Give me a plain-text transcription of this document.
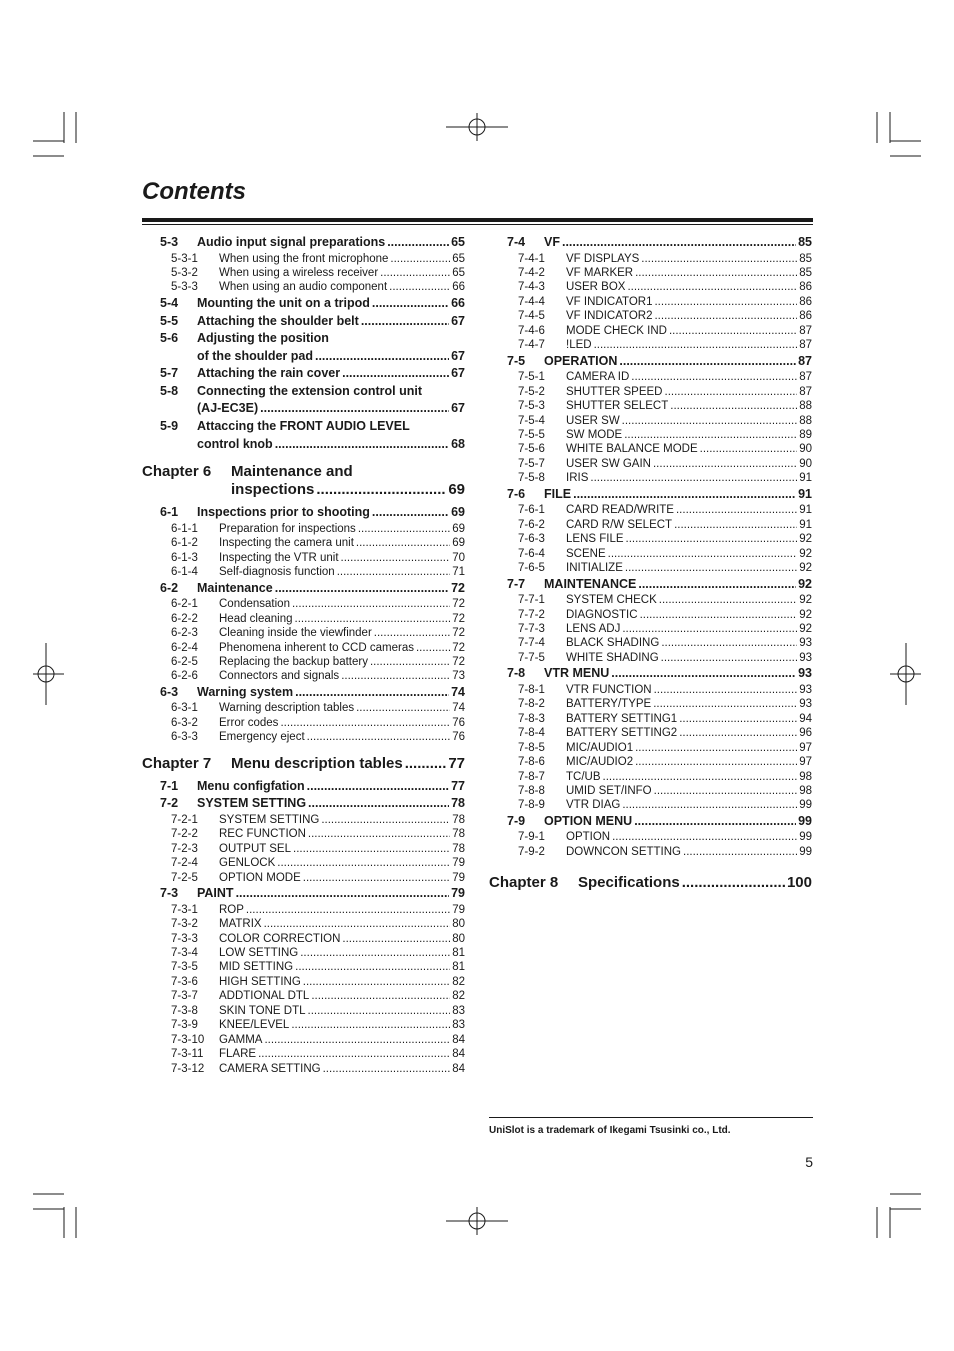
Contents
5-3	Audio input signal preparations .....	65
5-3-1	When using the front microphone .....	65
5-3-2	When using a wireless receiver .....	65
5-3-3	When using an audio component .....	66
5-4	Mounting the unit on a tripod .....	66
5-5	Attaching the shoulder belt .....	67
5-6	Adjusting the position
of the shoulder pad .....	67
5-7	Attaching the rain cover .....	67
5-8	Connecting the extension control unit
(AJ-EC3E) .....	67
5-9	Attaccing the FRONT AUDIO LEVEL
control knob .....	68
Chapter 6	Maintenance and
inspections .....	69
6-1	Inspections prior to shooting .....	69
6-1-1	Preparation for inspections .....	69
6-1-2	Inspecting the camera unit .....	69
6-1-3	Inspecting the VTR unit .....	70
6-1-4	Self-diagnosis function .....	71
6-2	Maintenance .....	72
6-2-1	Condensation .....	72
6-2-2	Head cleaning .....	72
6-2-3	Cleaning inside the viewfinder .....	72
6-2-4	Phenomena inherent to CCD cameras .....	72
6-2-5	Replacing the backup battery .....	72
6-2-6	Connectors and signals .....	73
6-3	Warning system .....	74
6-3-1	Warning description tables .....	74
6-3-2	Error codes .....	76
6-3-3	Emergency eject .....	76
Chapter 7	Menu description tables .....	77
7-1	Menu configfation .....	77
7-2	SYSTEM SETTING .....	78
7-2-1	SYSTEM SETTING .....	78
7-2-2	REC FUNCTION .....	78
7-2-3	OUTPUT SEL .....	78
7-2-4	GENLOCK .....	79
7-2-5	OPTION MODE .....	79
7-3	PAINT .....	79
7-3-1	ROP .....	79
7-3-2	MATRIX .....	80
7-3-3	COLOR CORRECTION .....	80
7-3-4	LOW SETTING .....	81
7-3-5	MID SETTING .....	81
7-3-6	HIGH SETTING .....	82
7-3-7	ADDTIONAL DTL .....	82
7-3-8	SKIN TONE DTL .....	83
7-3-9	KNEE/LEVEL .....	83
7-3-10	GAMMA .....	84
7-3-11	FLARE .....	84
7-3-12	CAMERA SETTING .....	84
7-4	VF .....	85
7-4-1	VF DISPLAYS .....	85
7-4-2	VF MARKER .....	85
7-4-3	USER BOX .....	86
7-4-4	VF INDICATOR1 .....	86
7-4-5	VF INDICATOR2 .....	86
7-4-6	MODE CHECK IND .....	87
7-4-7	!LED .....	87
7-5	OPERATION .....	87
7-5-1	CAMERA ID .....	87
7-5-2	SHUTTER SPEED .....	87
7-5-3	SHUTTER SELECT .....	88
7-5-4	USER SW .....	88
7-5-5	SW MODE .....	89
7-5-6	WHITE BALANCE MODE .....	90
7-5-7	USER SW GAIN .....	90
7-5-8	IRIS .....	91
7-6	FILE .....	91
7-6-1	CARD READ/WRITE .....	91
7-6-2	CARD R/W SELECT .....	91
7-6-3	LENS FILE .....	92
7-6-4	SCENE .....	92
7-6-5	INITIALIZE .....	92
7-7	MAINTENANCE .....	92
7-7-1	SYSTEM CHECK .....	92
7-7-2	DIAGNOSTIC .....	92
7-7-3	LENS ADJ .....	92
7-7-4	BLACK SHADING .....	93
7-7-5	WHITE SHADING .....	93
7-8	VTR MENU .....	93
7-8-1	VTR FUNCTION .....	93
7-8-2	BATTERY/TYPE .....	93
7-8-3	BATTERY SETTING1 .....	94
7-8-4	BATTERY SETTING2 .....	96
7-8-5	MIC/AUDIO1 .....	97
7-8-6	MIC/AUDIO2 .....	97
7-8-7	TC/UB .....	98
7-8-8	UMID SET/INFO .....	98
7-8-9	VTR DIAG .....	99
7-9	OPTION MENU .....	99
7-9-1	OPTION .....	99
7-9-2	DOWNCON SETTING .....	99
Chapter 8	Specifications .....	100
UniSlot is a trademark of Ikegami Tsusinki co., Ltd.
5
